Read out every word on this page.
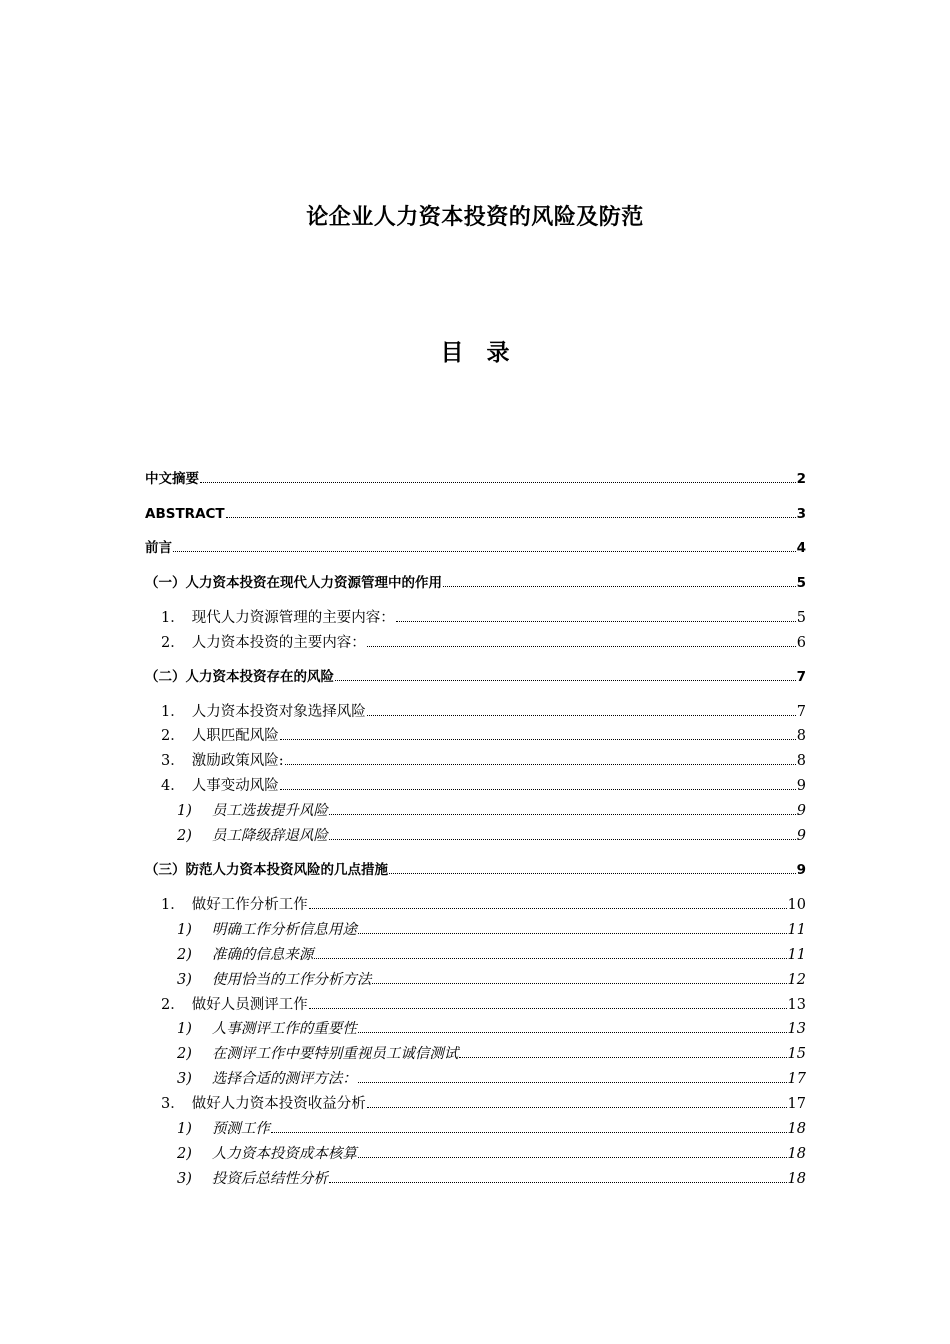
论企业人力资本投资的风险及防范
目　录
中文摘要	2
ABSTRACT	3
前言	4
（一）人力资本投资在现代人力资源管理中的作用	5
1． 现代人力资源管理的主要内容：	5
2． 人力资本投资的主要内容：	6
（二）人力资本投资存在的风险	7
1． 人力资本投资对象选择风险	7
2． 人职匹配风险	8
3． 激励政策风险:	8
4． 人事变动风险	9
1) 员工选拔提升风险	9
2) 员工降级辞退风险	9
（三）防范人力资本投资风险的几点措施	9
1． 做好工作分析工作	10
1) 明确工作分析信息用途	11
2) 准确的信息来源	11
3) 使用恰当的工作分析方法	12
2． 做好人员测评工作	13
1) 人事测评工作的重要性	13
2) 在测评工作中要特别重视员工诚信测试	15
3) 选择合适的测评方法：	17
3． 做好人力资本投资收益分析	17
1) 预测工作	18
2) 人力资本投资成本核算	18
3) 投资后总结性分析	18
